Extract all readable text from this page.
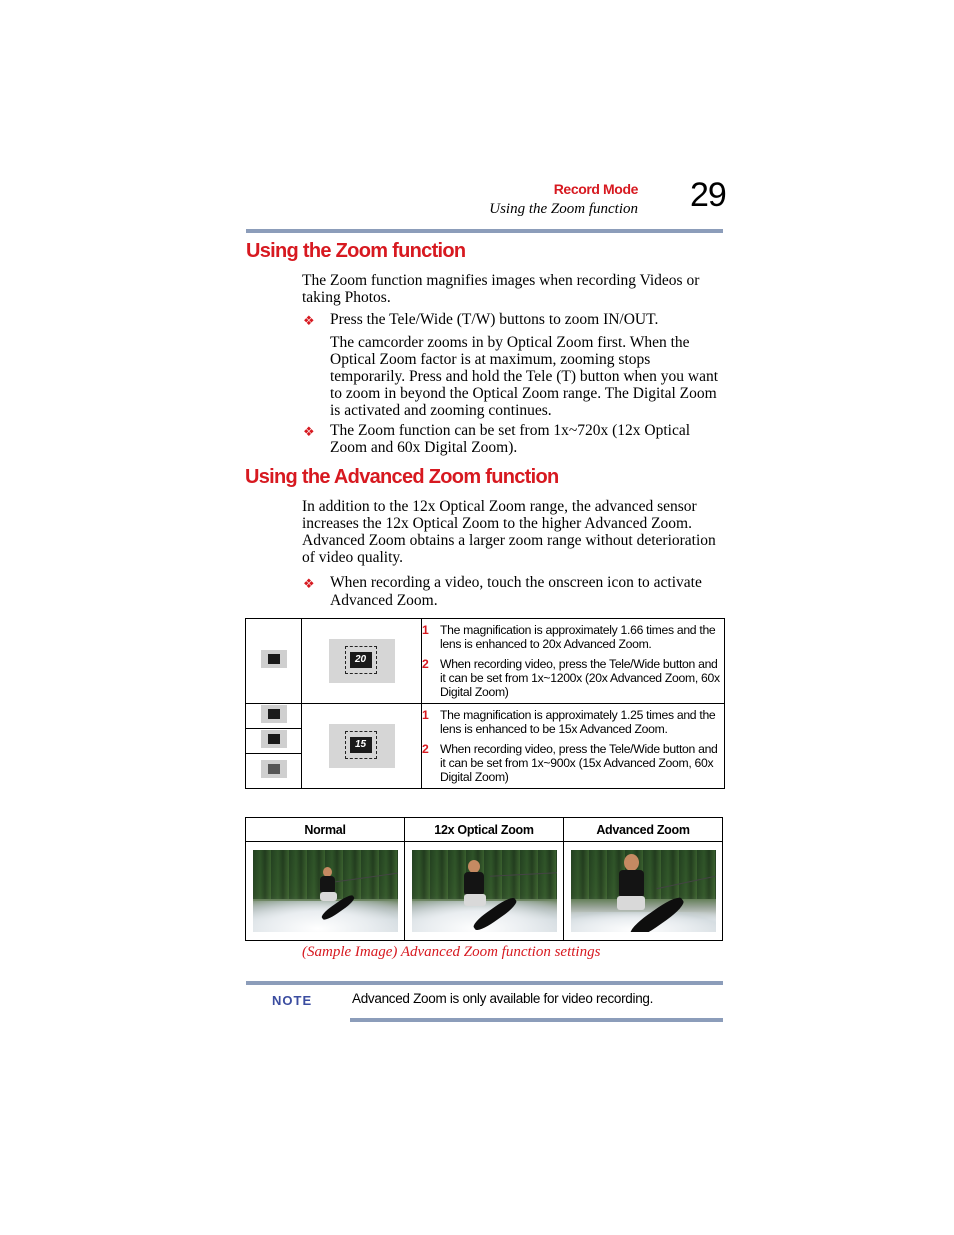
Record Mode
Using the Zoom function 29
Using the Zoom function
The Zoom function magnifies images when recording Videos or taking Photos.
❖ Press the Tele/Wide (T/W) buttons to zoom IN/OUT.
The camcorder zooms in by Optical Zoom first. When the Optical Zoom factor is at maximum, zooming stops temporarily. Press and hold the Tele (T) button when you want to zoom in beyond the Optical Zoom range. The Digital Zoom is activated and zooming continues.
❖ The Zoom function can be set from 1x~720x (12x Optical Zoom and 60x Digital Zoom).
Using the Advanced Zoom function
In addition to the 12x Optical Zoom range, the advanced sensor increases the 12x Optical Zoom to the higher Advanced Zoom. Advanced Zoom obtains a larger zoom range without deterioration of video quality.
❖ When recording a video, touch the onscreen icon to activate Advanced Zoom.

	20	1 The magnification is approximately 1.66 times and the lens is enhanced to 20x Advanced Zoom.
2 When recording video, press the Tele/Wide button and it can be set from 1x~1200x (20x Advanced Zoom, 60x Digital Zoom)

	15	1 The magnification is approximately 1.25 times and the lens is enhanced to be 15x Advanced Zoom.
2 When recording video, press the Tele/Wide button and it can be set from 1x~900x (15x Advanced Zoom, 60x Digital Zoom)

Normal	12x Optical Zoom	Advanced Zoom

(Sample Image) Advanced Zoom function settings
NOTE	Advanced Zoom is only available for video recording.
